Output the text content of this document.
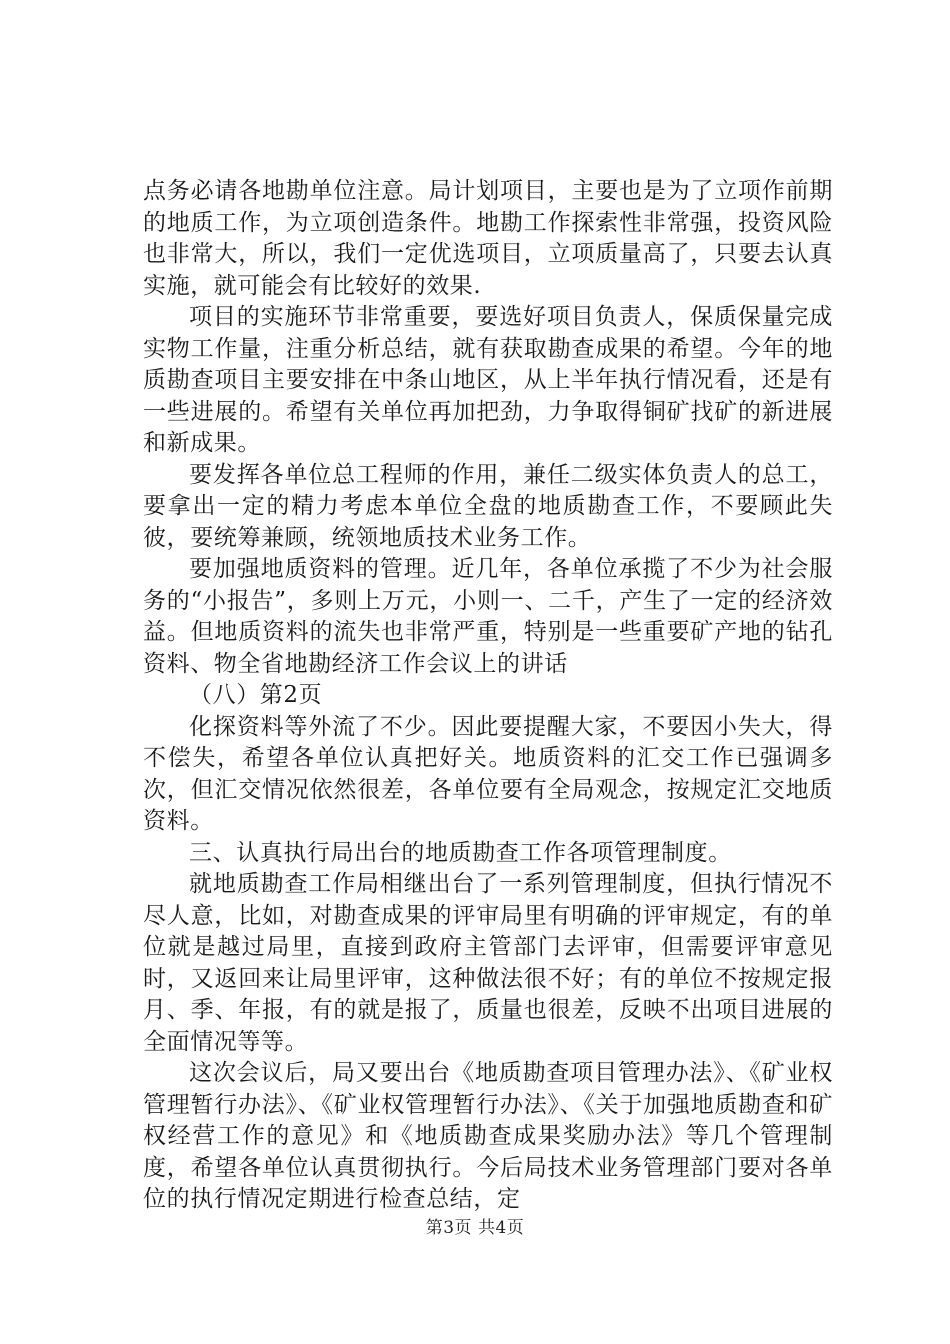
点务必请各地勘单位注意。局计划项目，主要也是为了立项作前期的地质工作，为立项创造条件。地勘工作探索性非常强，投资风险也非常大，所以，我们一定优选项目，立项质量高了，只要去认真实施，就可能会有比较好的效果.

项目的实施环节非常重要，要选好项目负责人，保质保量完成实物工作量，注重分析总结，就有获取勘查成果的希望。今年的地质勘查项目主要安排在中条山地区，从上半年执行情况看，还是有一些进展的。希望有关单位再加把劲，力争取得铜矿找矿的新进展和新成果。

要发挥各单位总工程师的作用，兼任二级实体负责人的总工，要拿出一定的精力考虑本单位全盘的地质勘查工作，不要顾此失彼，要统筹兼顾，统领地质技术业务工作。

要加强地质资料的管理。近几年，各单位承揽了不少为社会服务的“小报告”，多则上万元，小则一、二千，产生了一定的经济效益。但地质资料的流失也非常严重，特别是一些重要矿产地的钻孔资料、物全省地勘经济工作会议上的讲话

（八）第2页

化探资料等外流了不少。因此要提醒大家，不要因小失大，得不偿失，希望各单位认真把好关。地质资料的汇交工作已强调多次，但汇交情况依然很差，各单位要有全局观念，按规定汇交地质资料。

三、认真执行局出台的地质勘查工作各项管理制度。

就地质勘查工作局相继出台了一系列管理制度，但执行情况不尽人意，比如，对勘查成果的评审局里有明确的评审规定，有的单位就是越过局里，直接到政府主管部门去评审，但需要评审意见时，又返回来让局里评审，这种做法很不好；有的单位不按规定报月、季、年报，有的就是报了，质量也很差，反映不出项目进展的全面情况等等。

这次会议后，局又要出台《地质勘查项目管理办法》、《矿业权管理暂行办法》、《矿业权管理暂行办法》、《关于加强地质勘查和矿权经营工作的意见》和《地质勘查成果奖励办法》等几个管理制度，希望各单位认真贯彻执行。今后局技术业务管理部门要对各单位的执行情况定期进行检查总结，定

第3页 共4页
